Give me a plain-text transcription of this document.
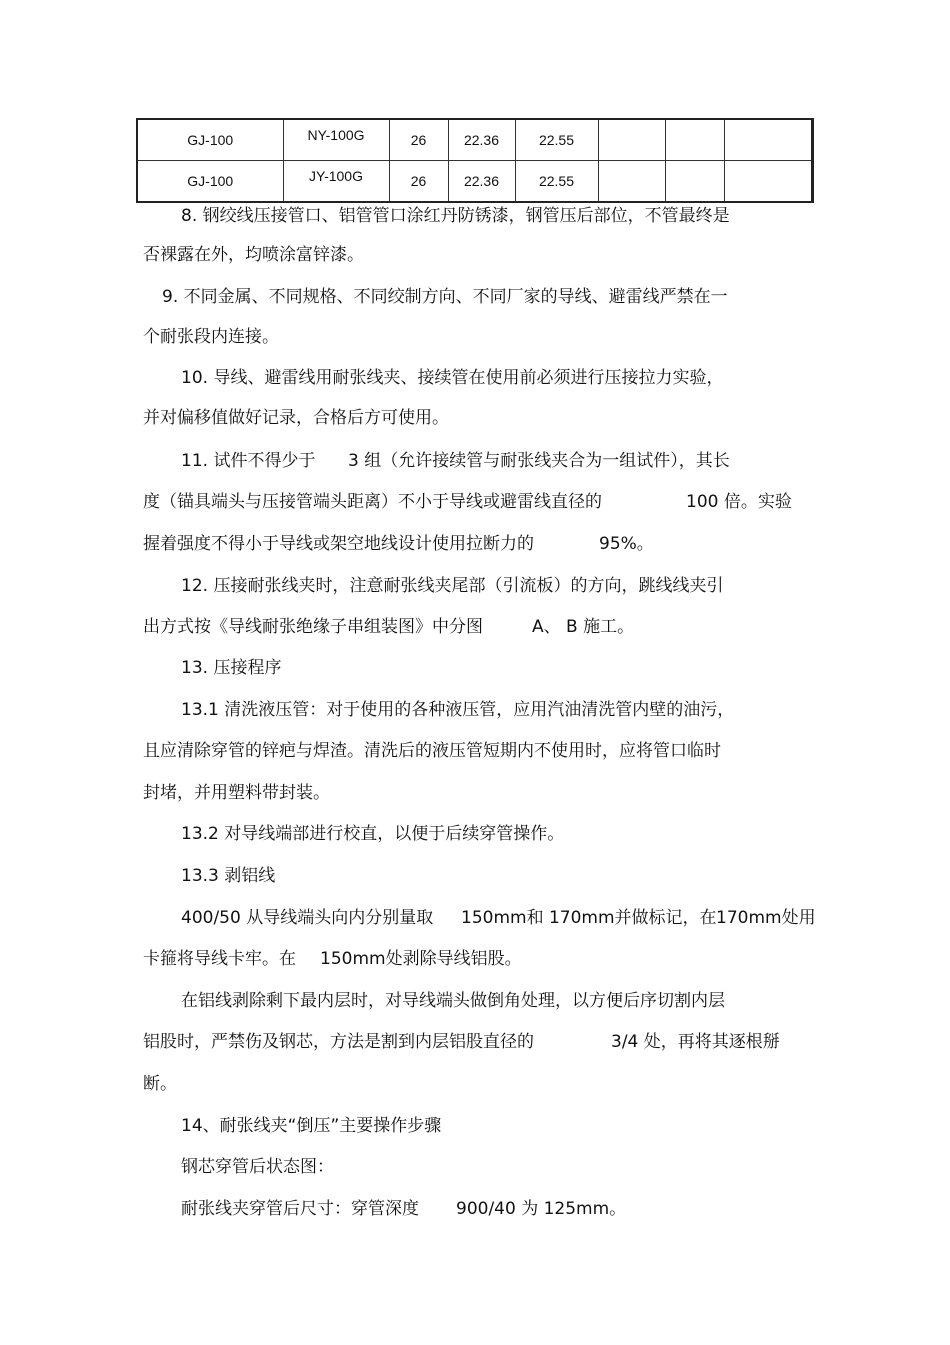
GJ-100	NY-100G	26	22.36	22.55			
GJ-100	JY-100G	26	22.36	22.55			
8. 钢绞线压接管口、铝管管口涂红丹防锈漆，钢管压后部位，不管最终是
否裸露在外，均喷涂富锌漆。
9. 不同金属、不同规格、不同绞制方向、不同厂家的导线、避雷线严禁在一
个耐张段内连接。
10. 导线、避雷线用耐张线夹、接续管在使用前必须进行压接拉力实验，
并对偏移值做好记录，合格后方可使用。
11. 试件不得少于 3 组（允许接续管与耐张线夹合为一组试件），其长
度（锚具端头与压接管端头距离）不小于导线或避雷线直径的	100 倍。实验
握着强度不得小于导线或架空地线设计使用拉断力的	95%。
12. 压接耐张线夹时，注意耐张线夹尾部（引流板）的方向，跳线线夹引
出方式按《导线耐张绝缘子串组装图》中分图	A、 B 施工。
13. 压接程序
13.1 清洗液压管：对于使用的各种液压管，应用汽油清洗管内壁的油污，
且应清除穿管的锌疤与焊渣。清洗后的液压管短期内不使用时，应将管口临时
封堵，并用塑料带封装。
13.2 对导线端部进行校直，以便于后续穿管操作。
13.3 剥铝线
400/50 从导线端头向内分别量取 150mm和 170mm并做标记，在 170mm处用
卡箍将导线卡牢。在 150mm处剥除导线铝股。
在铝线剥除剩下最内层时，对导线端头做倒角处理，以方便后序切割内层
铝股时，严禁伤及钢芯，方法是割到内层铝股直径的	3/4 处，再将其逐根掰
断。
14、耐张线夹“倒压”主要操作步骤
钢芯穿管后状态图：
耐张线夹穿管后尺寸：穿管深度 900/40 为 125mm。
